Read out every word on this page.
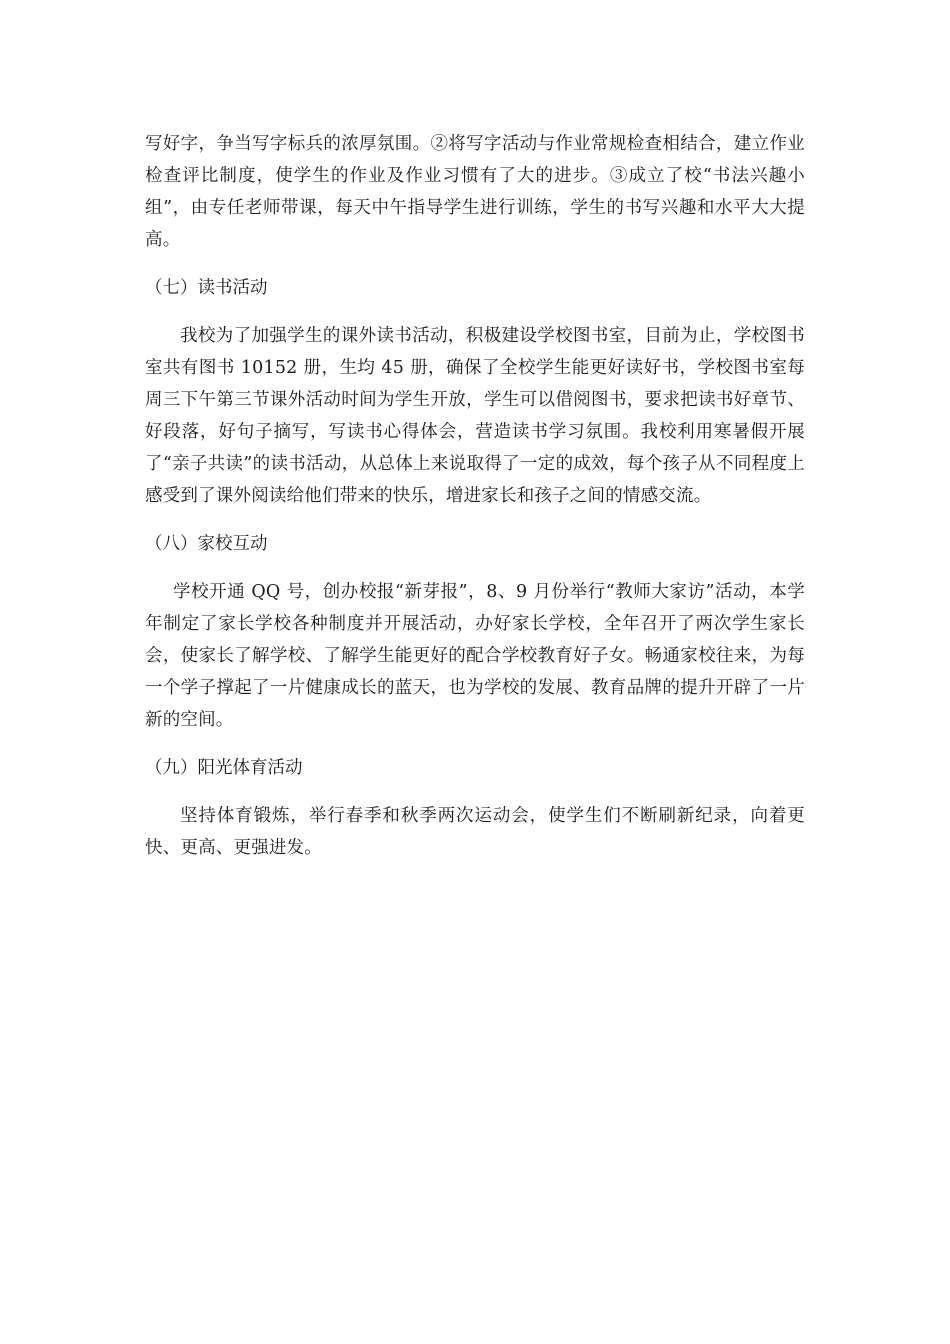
写好字，争当写字标兵的浓厚氛围。②将写字活动与作业常规检查相结合，建立作业检查评比制度，使学生的作业及作业习惯有了大的进步。③成立了校“书法兴趣小组”，由专任老师带课，每天中午指导学生进行训练，学生的书写兴趣和水平大大提高。

（七）读书活动

我校为了加强学生的课外读书活动，积极建设学校图书室，目前为止，学校图书室共有图书 10152 册，生均 45 册，确保了全校学生能更好读好书，学校图书室每周三下午第三节课外活动时间为学生开放，学生可以借阅图书，要求把读书好章节、好段落，好句子摘写，写读书心得体会，营造读书学习氛围。我校利用寒暑假开展了“亲子共读”的读书活动，从总体上来说取得了一定的成效，每个孩子从不同程度上感受到了课外阅读给他们带来的快乐，增进家长和孩子之间的情感交流。

（八）家校互动

学校开通 QQ 号，创办校报“新芽报”，8、9 月份举行“教师大家访”活动，本学年制定了家长学校各种制度并开展活动，办好家长学校，全年召开了两次学生家长会，使家长了解学校、了解学生能更好的配合学校教育好子女。畅通家校往来，为每一个学子撑起了一片健康成长的蓝天，也为学校的发展、教育品牌的提升开辟了一片新的空间。

（九）阳光体育活动

坚持体育锻炼，举行春季和秋季两次运动会，使学生们不断刷新纪录，向着更快、更高、更强进发。
